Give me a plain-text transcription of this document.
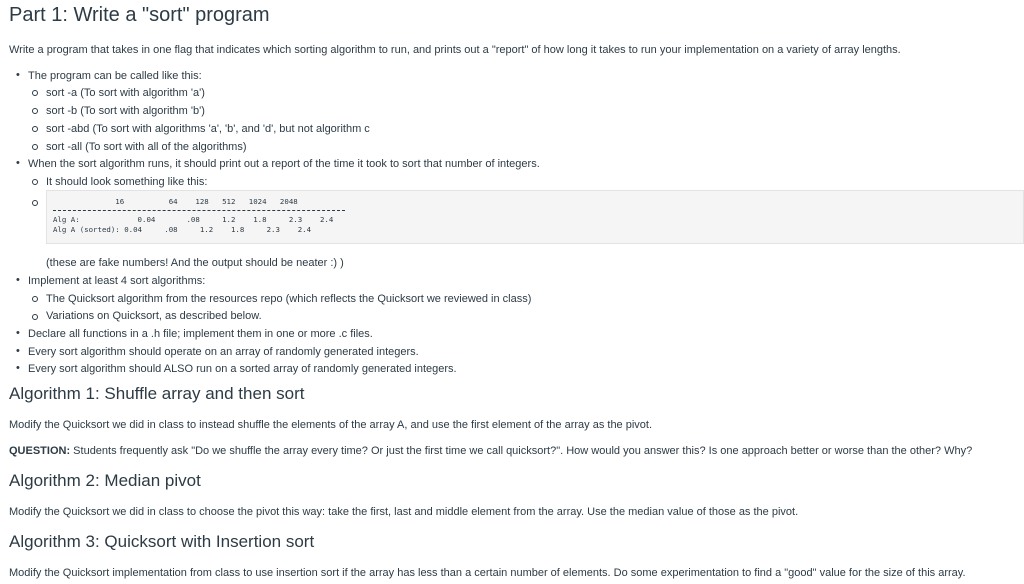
Part 1: Write a "sort" program

Write a program that takes in one flag that indicates which sorting algorithm to run, and prints out a "report" of how long it takes to run your implementation on a variety of array lengths.

• The program can be called like this:
sort -a (To sort with algorithm 'a')
sort -b (To sort with algorithm 'b')
sort -abd (To sort with algorithms 'a', 'b', and 'd', but not algorithm c
sort -all (To sort with all of the algorithms)
• When the sort algorithm runs, it should print out a report of the time it took to sort that number of integers.
It should look something like this:
16          64    128   512   1024   2048
Alg A:             0.04       .08     1.2    1.8     2.3    2.4
Alg A (sorted): 0.04     .08     1.2    1.8     2.3    2.4
(these are fake numbers! And the output should be neater :) )
• Implement at least 4 sort algorithms:
The Quicksort algorithm from the resources repo (which reflects the Quicksort we reviewed in class)
Variations on Quicksort, as described below.
• Declare all functions in a .h file; implement them in one or more .c files.
• Every sort algorithm should operate on an array of randomly generated integers.
• Every sort algorithm should ALSO run on a sorted array of randomly generated integers.
Algorithm 1: Shuffle array and then sort

Modify the Quicksort we did in class to instead shuffle the elements of the array A, and use the first element of the array as the pivot.

QUESTION: Students frequently ask "Do we shuffle the array every time? Or just the first time we call quicksort?". How would you answer this? Is one approach better or worse than the other? Why?

Algorithm 2: Median pivot

Modify the Quicksort we did in class to choose the pivot this way: take the first, last and middle element from the array. Use the median value of those as the pivot.

Algorithm 3: Quicksort with Insertion sort

Modify the Quicksort implementation from class to use insertion sort if the array has less than a certain number of elements. Do some experimentation to find a "good" value for the size of this array.
